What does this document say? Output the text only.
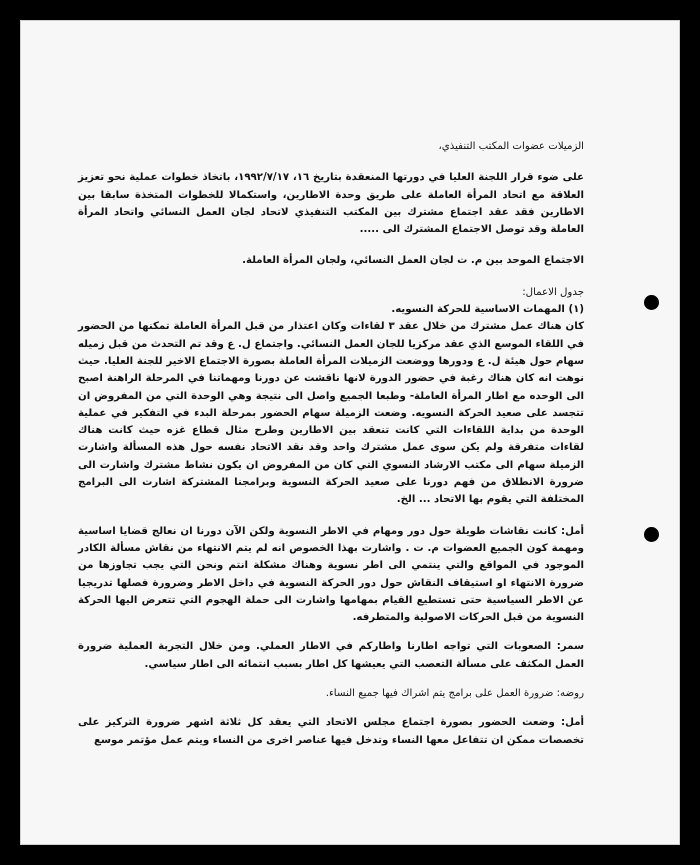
الزميلات عضوات المكتب التنفيذي،

على ضوء قرار اللجنة العليا في دورتها المنعقدة بتاريخ ١٦، ١٩٩٢/٧/١٧، باتخاذ خطوات عملية نحو تعزيز العلاقة مع اتحاد المرأة العاملة على طريق وحدة الاطارين، واستكمالا للخطوات المتخذة سابقا بين الاطارين فقد عقد اجتماع مشترك بين المكتب التنفيذي لاتحاد لجان العمل النسائي واتحاد المرأة العاملة وقد توصل الاجتماع المشترك الى .....

الاجتماع الموحد بين م. ت لجان العمل النسائي، ولجان المرأة العاملة.

جدول الاعمال:

(١) المهمات الاساسية للحركة النسويه.

كان هناك عمل مشترك من خلال عقد ٣ لقاءات وكان اعتذار من قبل المرأة العاملة تمكنها من الحضور في اللقاء الموسع الذي عقد مركزيا للجان العمل النسائي. واجتماع ل. ع وقد تم التحدث من قبل زميله سهام حول هيئة ل. ع ودورها ووضعت الزميلات المرأة العاملة بصورة الاجتماع الاخير للجنة العليا. حيث نوهت انه كان هناك رغبة في حضور الدورة لانها ناقشت عن دورنا ومهماتنا في المرحلة الراهنة اصبح الى الوحده مع اطار المرأة العاملة- وطبعا الجميع واصل الى نتيجة وهي الوحدة التي من المفروض ان تتجسد على صعيد الحركة النسويه. وضعت الزميلة سهام الحضور بمرحلة البدء في التفكير في عملية الوحدة من بداية اللقاءات التي كانت تنعقد بين الاطارين وطرح مثال قطاع غزه حيث كانت هناك لقاءات متفرقة ولم يكن سوى عمل مشترك واحد وقد نقد الاتحاد نفسه حول هذه المسألة واشارت الزميلة سهام الى مكتب الارشاد النسوي التي كان من المفروض ان يكون نشاط مشترك واشارت الى ضرورة الانطلاق من فهم دورنا على صعيد الحركة النسوية وبرامجنا المشتركة اشارت الى البرامج المختلفة التي يقوم بها الاتحاد ... الخ.

أمل: كانت نقاشات طويلة حول دور ومهام في الاطر النسوية ولكن الآن دورنا ان نعالج قضايا اساسية ومهمة كون الجميع العضوات م. ت . واشارت بهذا الخصوص انه لم يتم الانتهاء من نقاش مسألة الكادر الموجود في المواقع والتي ينتمي الى اطر نسوية وهناك مشكلة انتم ونحن التي يجب تجاوزها من ضرورة الانتهاء او استيقاف النقاش حول دور الحركة النسوية في داخل الاطر وضرورة فصلها تدريجيا عن الاطر السياسية حتى تستطيع القيام بمهامها واشارت الى حملة الهجوم التي تتعرض اليها الحركة النسوية من قبل الحركات الاصولية والمتطرفه.

سمر: الصعوبات التي تواجه اطارنا واطاركم في الاطار العملي. ومن خلال التجربة العملية ضرورة العمل المكثف على مسألة التعصب التي يعيشها كل اطار بسبب انتمائه الى اطار سياسي.

روضه: ضرورة العمل على برامج يتم اشراك فيها جميع النساء.

أمل: وضعت الحضور بصورة اجتماع مجلس الاتحاد التي يعقد كل ثلاثة اشهر ضرورة التركيز على تخصصات ممكن ان تتفاعل معها النساء وتدخل فيها عناصر اخرى من النساء ويتم عمل مؤتمر موسع
